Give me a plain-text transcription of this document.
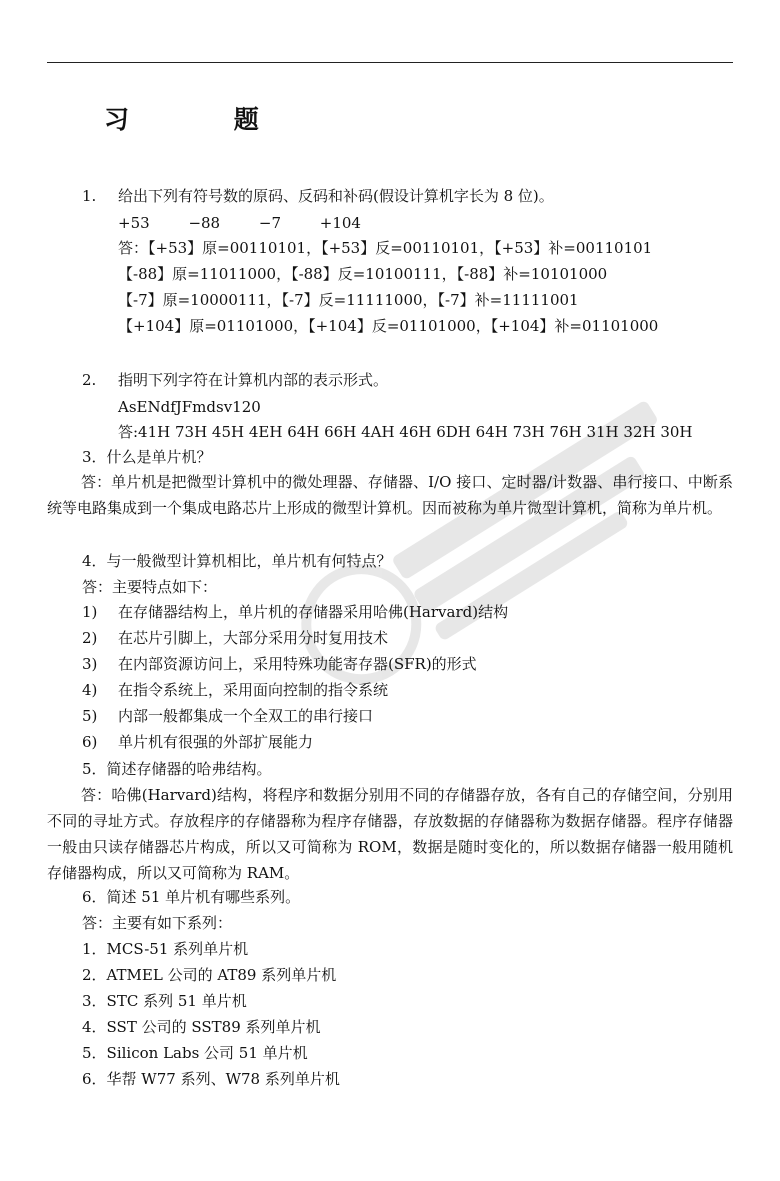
习 题
1. 给出下列有符号数的原码、反码和补码(假设计算机字长为 8 位)。
+53	−88	−7	+104
答：【+53】原=00110101，【+53】反=00110101，【+53】补=00110101
【-88】原=11011000，【-88】反=10100111，【-88】补=10101000
【-7】原=10000111，【-7】反=11111000，【-7】补=11111001
【+104】原=01101000，【+104】反=01101000，【+104】补=01101000
2. 指明下列字符在计算机内部的表示形式。
AsENdfJFmdsv120
答:41H 73H 45H 4EH 64H 66H 4AH 46H 6DH 64H 73H 76H 31H 32H 30H
3．什么是单片机？
答：单片机是把微型计算机中的微处理器、存储器、I/O 接口、定时器/计数器、串行接口、中断系统等电路集成到一个集成电路芯片上形成的微型计算机。因而被称为单片微型计算机，简称为单片机。
4．与一般微型计算机相比，单片机有何特点？
答：主要特点如下：
1) 在存储器结构上，单片机的存储器采用哈佛(Harvard)结构
2) 在芯片引脚上，大部分采用分时复用技术
3) 在内部资源访问上，采用特殊功能寄存器(SFR)的形式
4) 在指令系统上，采用面向控制的指令系统
5) 内部一般都集成一个全双工的串行接口
6) 单片机有很强的外部扩展能力
5．简述存储器的哈弗结构。
答：哈佛(Harvard)结构，将程序和数据分别用不同的存储器存放，各有自己的存储空间，分别用不同的寻址方式。存放程序的存储器称为程序存储器，存放数据的存储器称为数据存储器。程序存储器一般由只读存储器芯片构成，所以又可简称为 ROM，数据是随时变化的，所以数据存储器一般用随机存储器构成，所以又可简称为 RAM。
6．简述 51 单片机有哪些系列。
答：主要有如下系列：
1．MCS-51 系列单片机
2．ATMEL 公司的 AT89 系列单片机
3．STC 系列 51 单片机
4．SST 公司的 SST89 系列单片机
5．Silicon Labs 公司 51 单片机
6．华帮 W77 系列、W78 系列单片机
